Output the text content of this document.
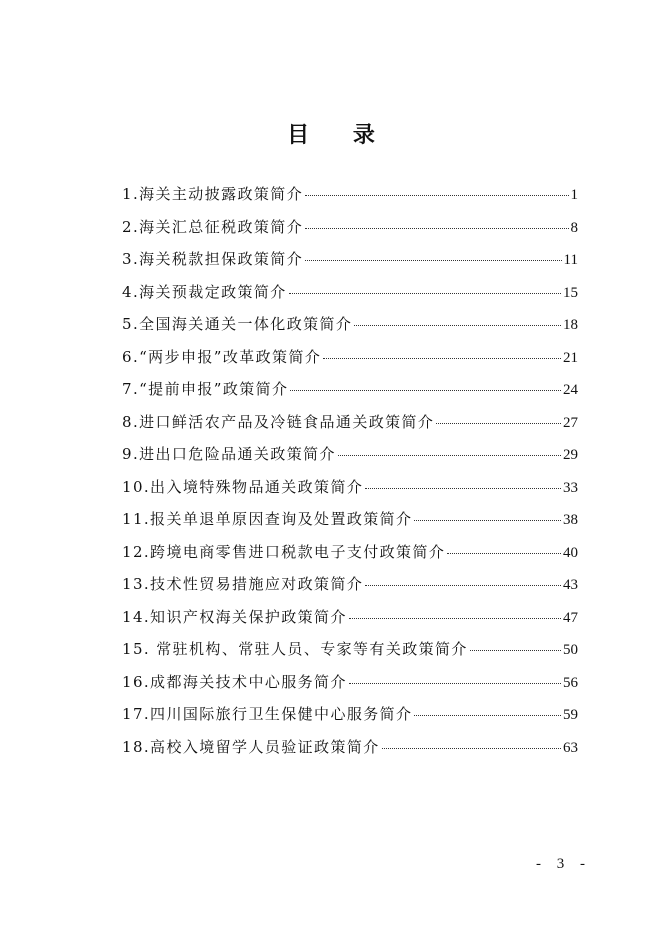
目 录
1.海关主动披露政策简介	1
2.海关汇总征税政策简介	8
3.海关税款担保政策简介	11
4.海关预裁定政策简介	15
5.全国海关通关一体化政策简介	18
6.“两步申报”改革政策简介	21
7.“提前申报”政策简介	24
8.进口鲜活农产品及冷链食品通关政策简介	27
9.进出口危险品通关政策简介	29
10.出入境特殊物品通关政策简介	33
11.报关单退单原因查询及处置政策简介	38
12.跨境电商零售进口税款电子支付政策简介	40
13.技术性贸易措施应对政策简介	43
14.知识产权海关保护政策简介	47
15. 常驻机构、常驻人员、专家等有关政策简介	50
16.成都海关技术中心服务简介	56
17.四川国际旅行卫生保健中心服务简介	59
18.高校入境留学人员验证政策简介	63
- 3 -
